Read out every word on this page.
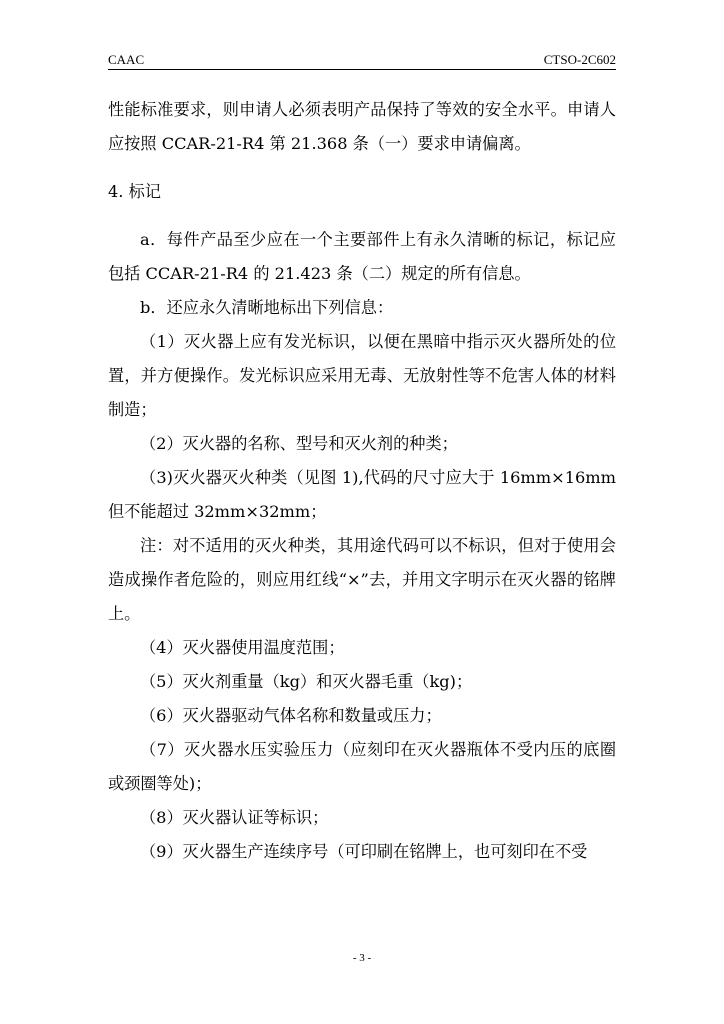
CAAC	CTSO-2C602

性能标准要求，则申请人必须表明产品保持了等效的安全水平。申请人应按照 CCAR-21-R4 第 21.368 条（一）要求申请偏离。

4. 标记

a．每件产品至少应在一个主要部件上有永久清晰的标记，标记应包括 CCAR-21-R4 的 21.423 条（二）规定的所有信息。

b．还应永久清晰地标出下列信息：

（1）灭火器上应有发光标识，以便在黑暗中指示灭火器所处的位置，并方便操作。发光标识应采用无毒、无放射性等不危害人体的材料制造；

（2）灭火器的名称、型号和灭火剂的种类；

（3)灭火器灭火种类（见图 1),代码的尺寸应大于 16mm×16mm 但不能超过 32mm×32mm；

注：对不适用的灭火种类，其用途代码可以不标识，但对于使用会造成操作者危险的，则应用红线“×”去，并用文字明示在灭火器的铭牌上。

（4）灭火器使用温度范围；

（5）灭火剂重量（kg）和灭火器毛重（kg)；

（6）灭火器驱动气体名称和数量或压力；

（7）灭火器水压实验压力（应刻印在灭火器瓶体不受内压的底圈或颈圈等处)；

（8）灭火器认证等标识；

（9）灭火器生产连续序号（可印刷在铭牌上，也可刻印在不受

- 3 -
